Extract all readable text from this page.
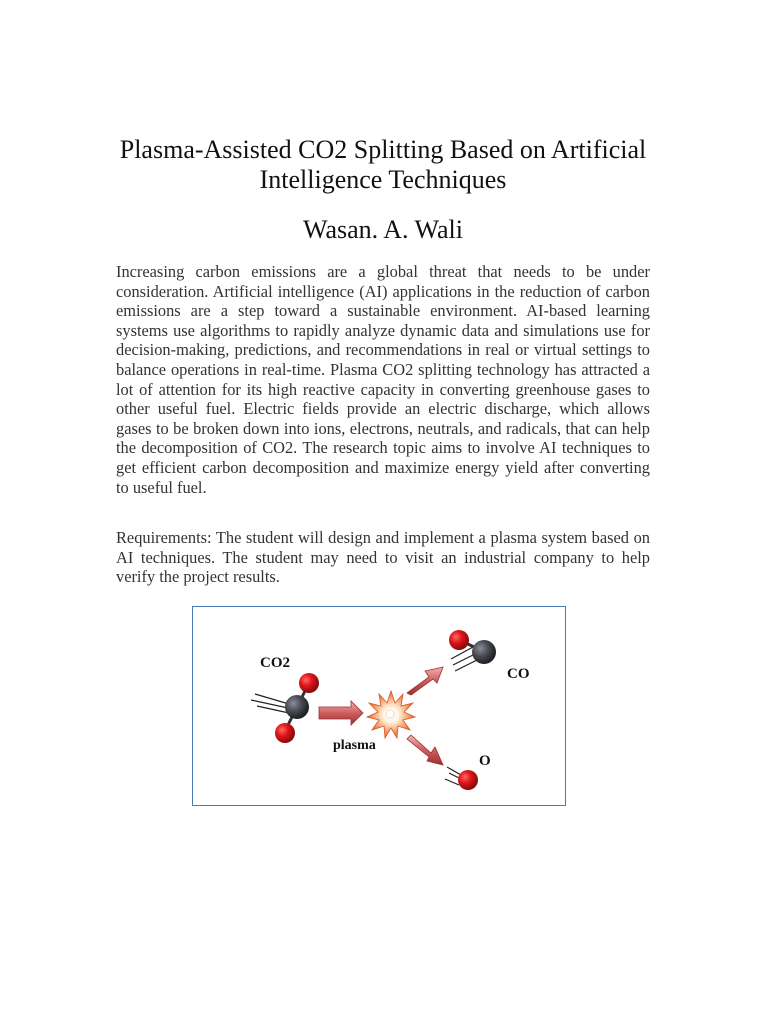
Plasma-Assisted CO2 Splitting Based on Artificial Intelligence Techniques
Wasan. A. Wali

Increasing carbon emissions are a global threat that needs to be under consideration. Artificial intelligence (AI) applications in the reduction of carbon emissions are a step toward a sustainable environment. AI-based learning systems use algorithms to rapidly analyze dynamic data and simulations use for decision-making, predictions, and recommendations in real or virtual settings to balance operations in real-time. Plasma CO2 splitting technology has attracted a lot of attention for its high reactive capacity in converting greenhouse gases to other useful fuel. Electric fields provide an electric discharge, which allows gases to be broken down into ions, electrons, neutrals, and radicals, that can help the decomposition of CO2. The research topic aims to involve AI techniques to get efficient carbon decomposition and maximize energy yield after converting to useful fuel.

Requirements: The student will design and implement a plasma system based on AI techniques. The student may need to visit an industrial company to help verify the project results.

CO2
plasma
CO
O
